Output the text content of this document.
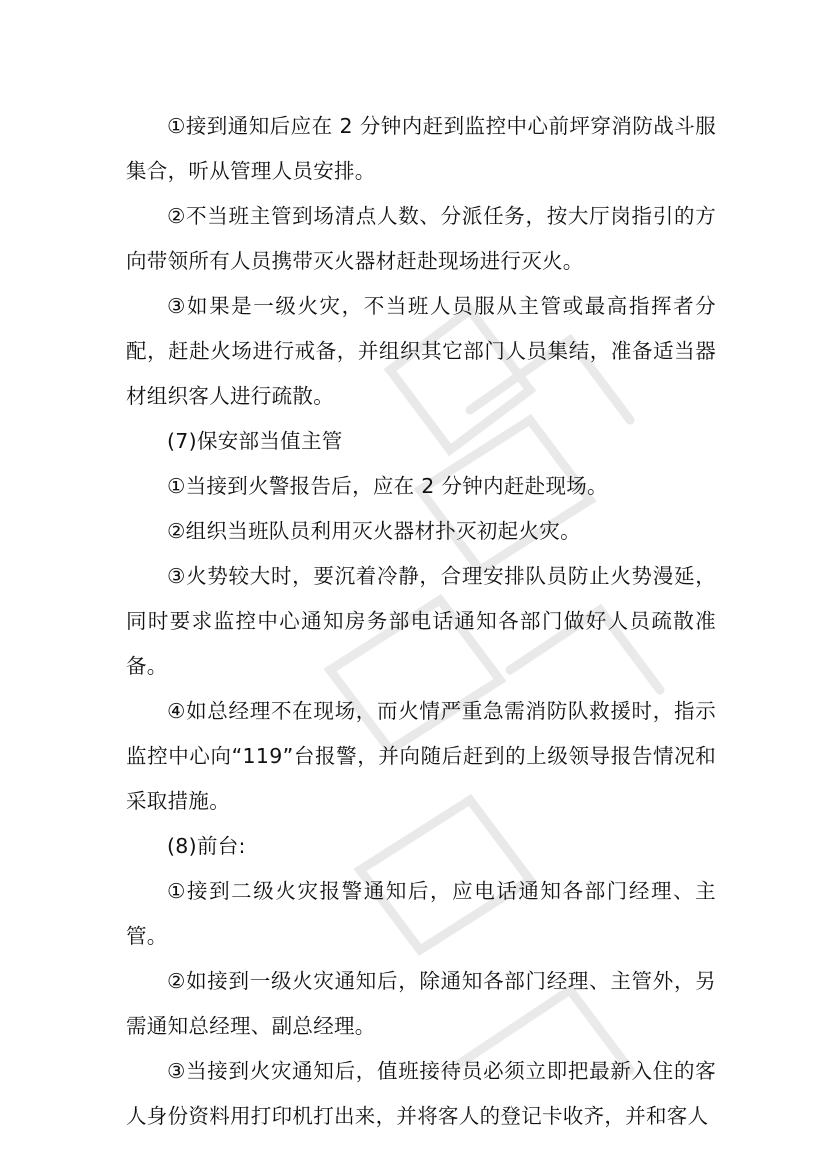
①接到通知后应在 2 分钟内赶到监控中心前坪穿消防战斗服集合，听从管理人员安排。

②不当班主管到场清点人数、分派任务，按大厅岗指引的方向带领所有人员携带灭火器材赶赴现场进行灭火。

③如果是一级火灾，不当班人员服从主管或最高指挥者分配，赶赴火场进行戒备，并组织其它部门人员集结，准备适当器材组织客人进行疏散。

(7)保安部当值主管

①当接到火警报告后，应在 2 分钟内赶赴现场。

②组织当班队员利用灭火器材扑灭初起火灾。

③火势较大时，要沉着冷静，合理安排队员防止火势漫延，同时要求监控中心通知房务部电话通知各部门做好人员疏散准备。

④如总经理不在现场，而火情严重急需消防队救援时，指示监控中心向“119”台报警，并向随后赶到的上级领导报告情况和采取措施。

(8)前台:

①接到二级火灾报警通知后，应电话通知各部门经理、主管。

②如接到一级火灾通知后，除通知各部门经理、主管外，另需通知总经理、副总经理。

③当接到火灾通知后，值班接待员必须立即把最新入住的客人身份资料用打印机打出来，并将客人的登记卡收齐，并和客人
